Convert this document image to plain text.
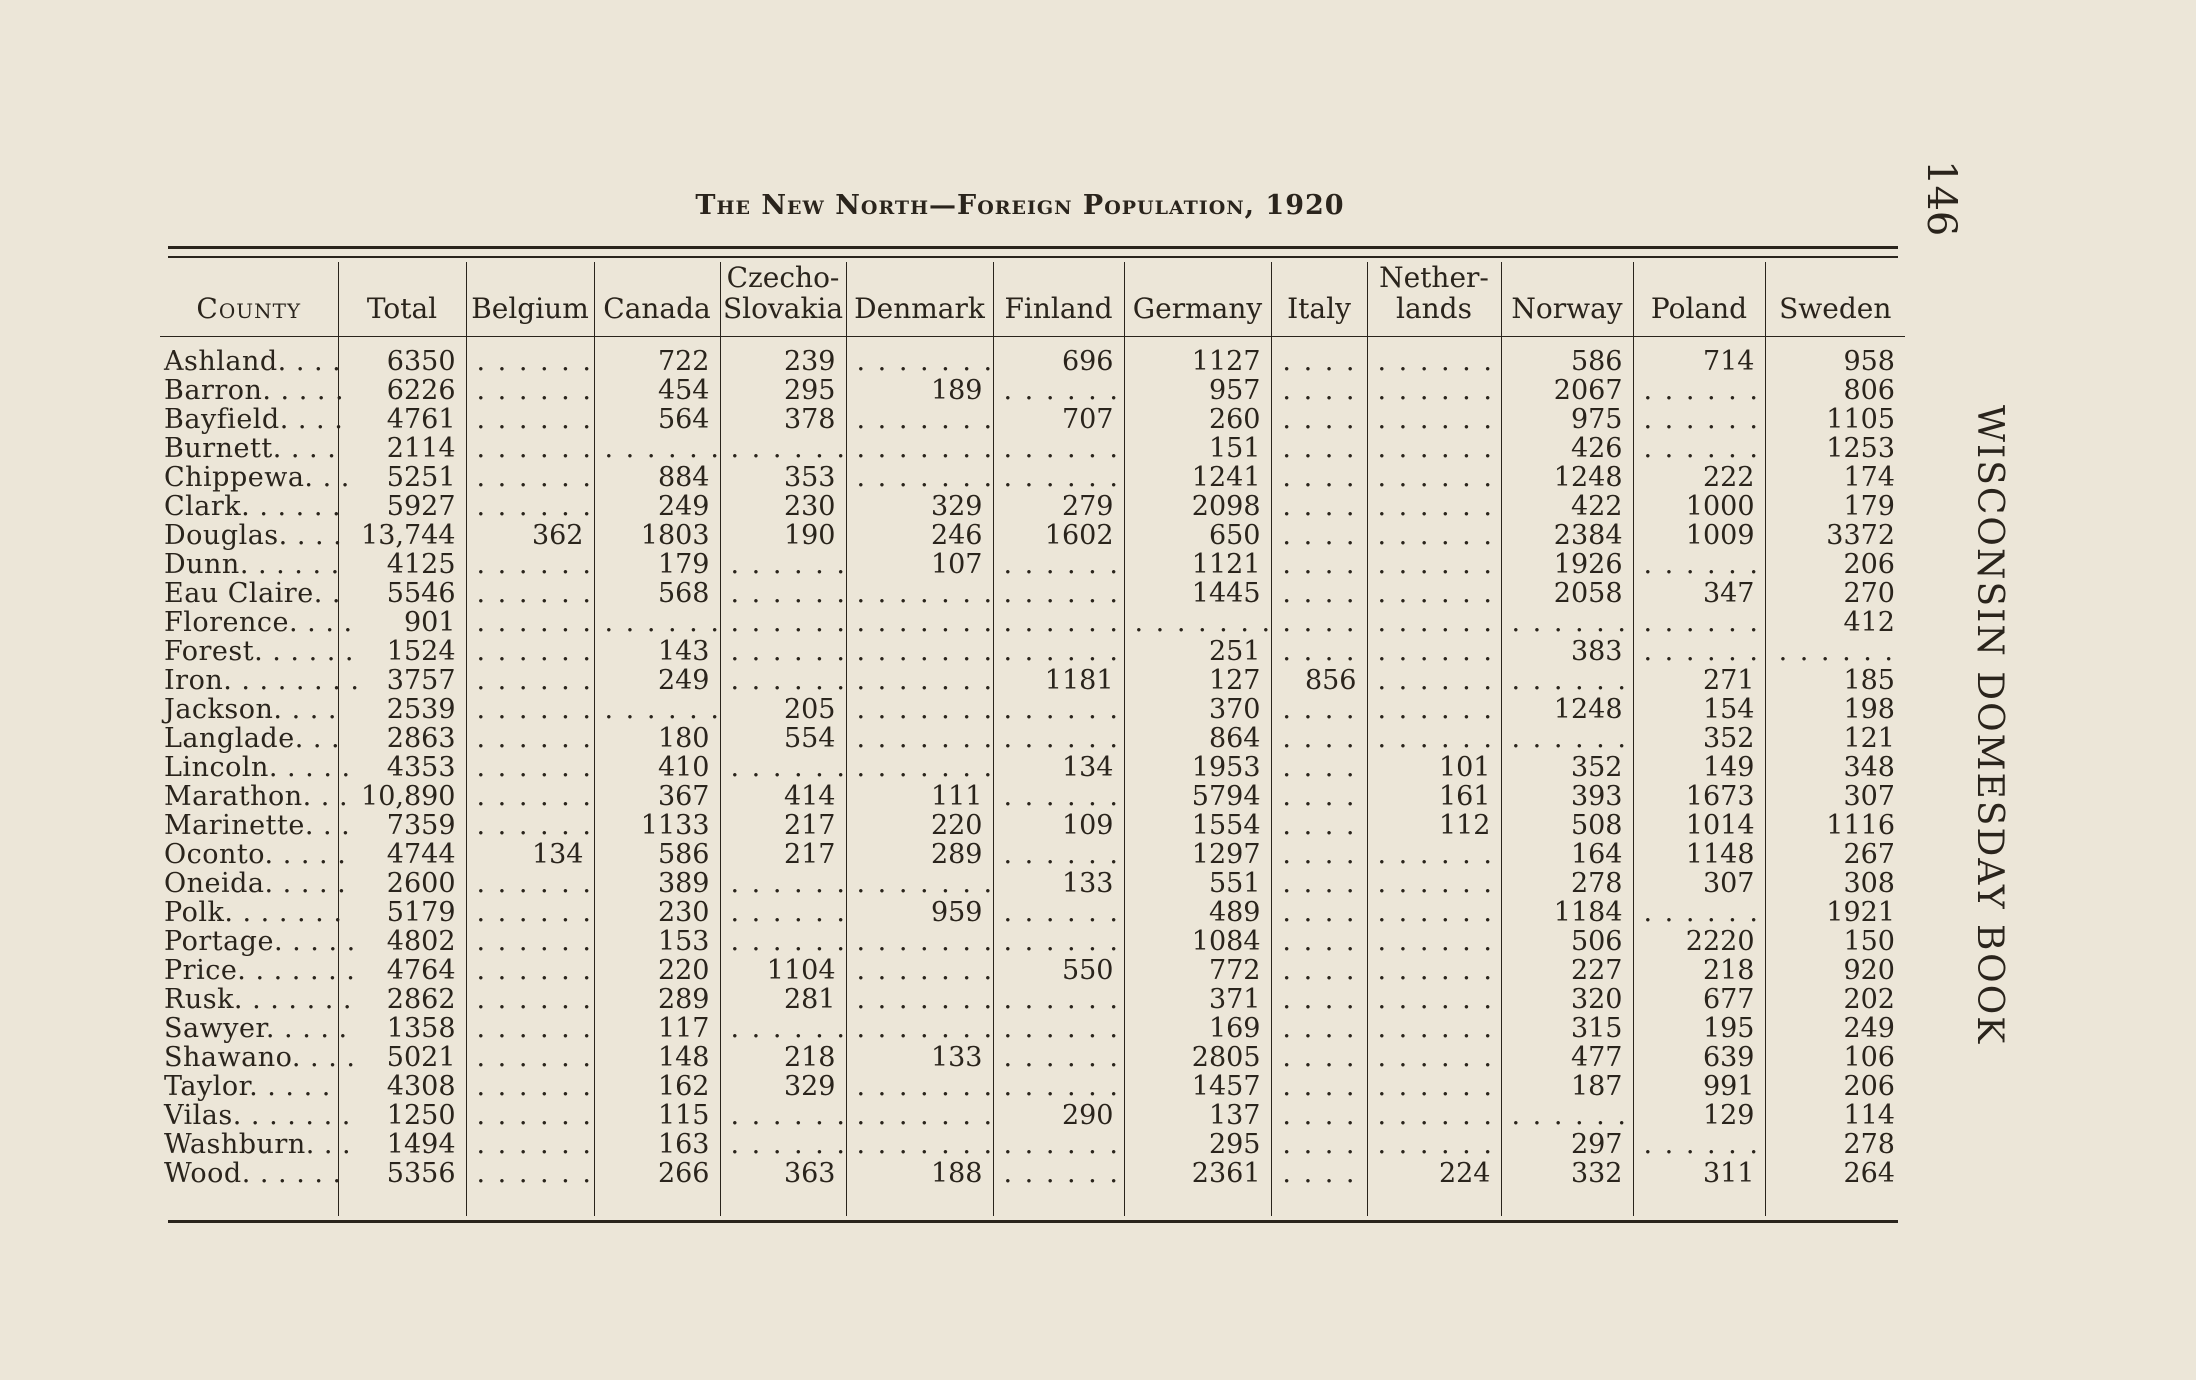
The New North—Foreign Population, 1920	146
WISCONSIN DOMESDAY BOOK
County	Total	Belgium	Canada	Czecho-
Slovakia	Denmark	Finland	Germany	Italy	Nether-
lands	Norway	Poland	Sweden
Ashland. . . .	6350	. . . . . .	722	239	. . . . . . .	696	1127	. . . .	. . . . . .	586	714	958
Barron. . . . .	6226	. . . . . .	454	295	189	. . . . . .	957	. . . .	. . . . . .	2067	. . . . . .	806
Bayfield. . . .	4761	. . . . . .	564	378	. . . . . . .	707	260	. . . .	. . . . . .	975	. . . . . .	1105
Burnett. . . .	2114	. . . . . .	. . . . . .	. . . . . .	. . . . . . .	. . . . . .	151	. . . .	. . . . . .	426	. . . . . .	1253
Chippewa. . .	5251	. . . . . .	884	353	. . . . . . .	. . . . . .	1241	. . . .	. . . . . .	1248	222	174
Clark. . . . . .	5927	. . . . . .	249	230	329	279	2098	. . . .	. . . . . .	422	1000	179
Douglas. . . .	13,744	362	1803	190	246	1602	650	. . . .	. . . . . .	2384	1009	3372
Dunn. . . . . .	4125	. . . . . .	179	. . . . . .	107	. . . . . .	1121	. . . .	. . . . . .	1926	. . . . . .	206
Eau Claire. .	5546	. . . . . .	568	. . . . . .	. . . . . . .	. . . . . .	1445	. . . .	. . . . . .	2058	347	270
Florence. . . .	901	. . . . . .	. . . . . .	. . . . . .	. . . . . . .	. . . . . .	. . . . . . .	. . . .	. . . . . .	. . . . . .	. . . . . .	412
Forest. . . . . .	1524	. . . . . .	143	. . . . . .	. . . . . . .	. . . . . .	251	. . . .	. . . . . .	383	. . . . . .	. . . . . .
Iron. . . . . . . .	3757	. . . . . .	249	. . . . . .	. . . . . . .	1181	127	856	. . . . . .	. . . . . .	271	185
Jackson. . . .	2539	. . . . . .	. . . . . .	205	. . . . . . .	. . . . . .	370	. . . .	. . . . . .	1248	154	198
Langlade. . .	2863	. . . . . .	180	554	. . . . . . .	. . . . . .	864	. . . .	. . . . . .	. . . . . .	352	121
Lincoln. . . . .	4353	. . . . . .	410	. . . . . .	. . . . . . .	134	1953	. . . .	101	352	149	348
Marathon. . .	10,890	. . . . . .	367	414	111	. . . . . .	5794	. . . .	161	393	1673	307
Marinette. . .	7359	. . . . . .	1133	217	220	109	1554	. . . .	112	508	1014	1116
Oconto. . . . .	4744	134	586	217	289	. . . . . .	1297	. . . .	. . . . . .	164	1148	267
Oneida. . . . .	2600	. . . . . .	389	. . . . . .	. . . . . . .	133	551	. . . .	. . . . . .	278	307	308
Polk. . . . . . .	5179	. . . . . .	230	. . . . . .	959	. . . . . .	489	. . . .	. . . . . .	1184	. . . . . .	1921
Portage. . . . .	4802	. . . . . .	153	. . . . . .	. . . . . . .	. . . . . .	1084	. . . .	. . . . . .	506	2220	150
Price. . . . . . .	4764	. . . . . .	220	1104	. . . . . . .	550	772	. . . .	. . . . . .	227	218	920
Rusk. . . . . . .	2862	. . . . . .	289	281	. . . . . . .	. . . . . .	371	. . . .	. . . . . .	320	677	202
Sawyer. . . . .	1358	. . . . . .	117	. . . . . .	. . . . . . .	. . . . . .	169	. . . .	. . . . . .	315	195	249
Shawano. . . .	5021	. . . . . .	148	218	133	. . . . . .	2805	. . . .	. . . . . .	477	639	106
Taylor. . . . .	4308	. . . . . .	162	329	. . . . . . .	. . . . . .	1457	. . . .	. . . . . .	187	991	206
Vilas. . . . . . .	1250	. . . . . .	115	. . . . . .	. . . . . . .	290	137	. . . .	. . . . . .	. . . . . .	129	114
Washburn. . .	1494	. . . . . .	163	. . . . . .	. . . . . . .	. . . . . .	295	. . . .	. . . . . .	297	. . . . . .	278
Wood. . . . . .	5356	. . . . . .	266	363	188	. . . . . .	2361	. . . .	224	332	311	264
